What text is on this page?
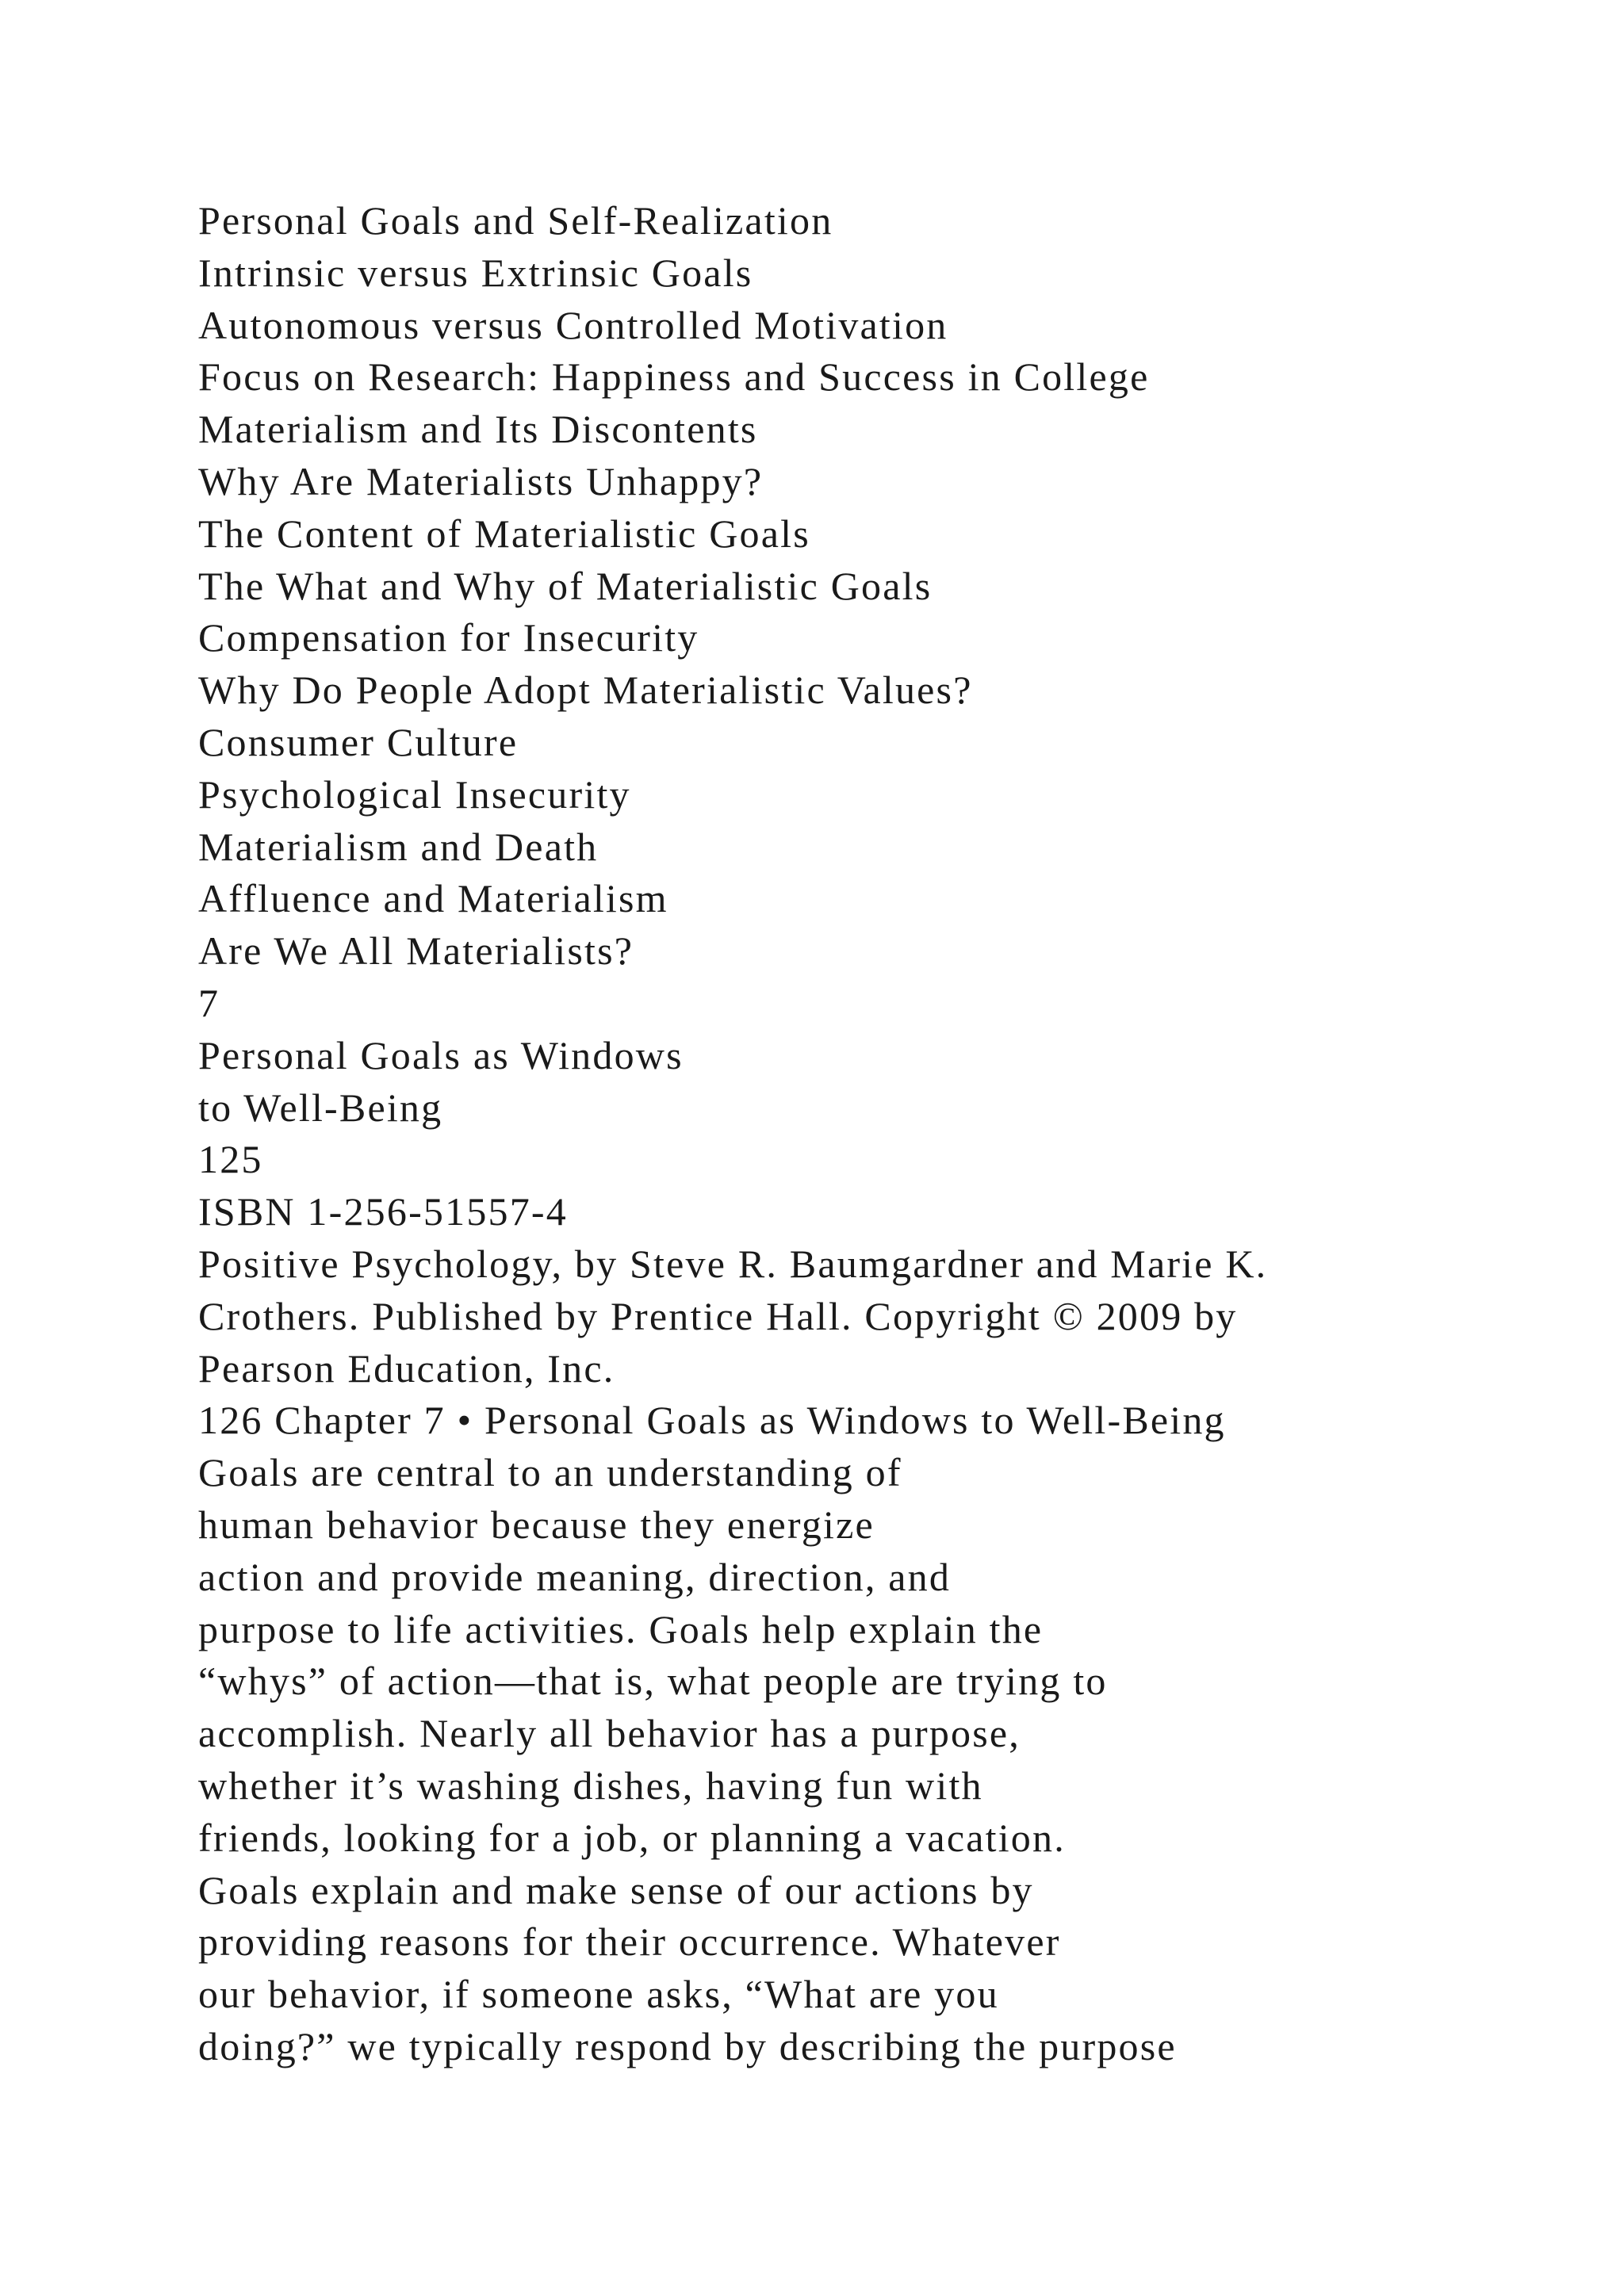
Personal Goals and Self-Realization
Intrinsic versus Extrinsic Goals
Autonomous versus Controlled Motivation
Focus on Research: Happiness and Success in College
Materialism and Its Discontents
Why Are Materialists Unhappy?
The Content of Materialistic Goals
The What and Why of Materialistic Goals
Compensation for Insecurity
Why Do People Adopt Materialistic Values?
Consumer Culture
Psychological Insecurity
Materialism and Death
Affluence and Materialism
Are We All Materialists?
7
Personal Goals as Windows
to Well-Being
125
ISBN 1-256-51557-4
Positive Psychology, by Steve R. Baumgardner and Marie K.
Crothers. Published by Prentice Hall. Copyright © 2009 by
Pearson Education, Inc.
126 Chapter 7 • Personal Goals as Windows to Well-Being
Goals are central to an understanding of
human behavior because they energize
action and provide meaning, direction, and
purpose to life activities. Goals help explain the
“whys” of action—that is, what people are trying to
accomplish. Nearly all behavior has a purpose,
whether it’s washing dishes, having fun with
friends, looking for a job, or planning a vacation.
Goals explain and make sense of our actions by
providing reasons for their occurrence. Whatever
our behavior, if someone asks, “What are you
doing?” we typically respond by describing the purpose
